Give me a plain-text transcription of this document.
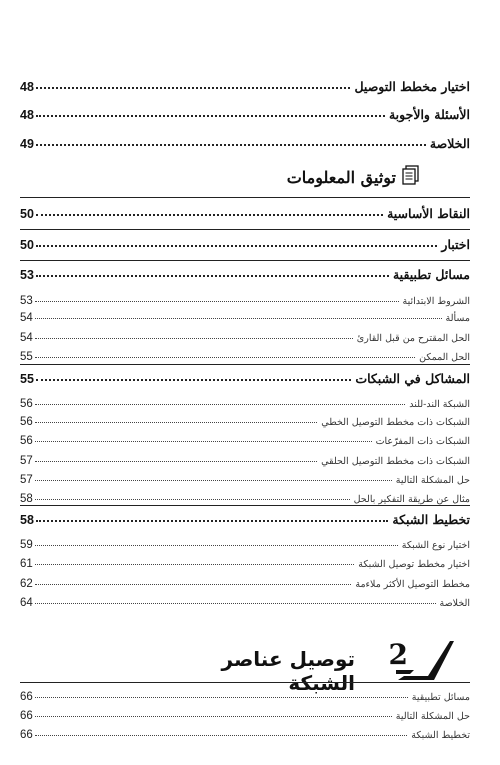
اختيار مخطط التوصيل
48
الأسئلة والأجوبة
48
الخلاصة
49
توثيق المعلومات
النقاط الأساسية
50
اختبار
50
مسائل تطبيقية
53
الشروط الابتدائية
53
مسألة
54
الحل المقترح من قبل القارئ
54
الحل الممكن
55
المشاكل في الشبكات
55
الشبكة الند-للند
56
الشبكات ذات مخطط التوصيل الخطي
56
الشبكات ذات المفرّعات
56
الشبكات ذات مخطط التوصيل الحلقي
57
حل المشكلة التالية
57
مثال عن طريقة التفكير بالحل
58
تخطيط الشبكة
58
اختيار نوع الشبكة
59
اختيار مخطط توصيل الشبكة
61
مخطط التوصيل الأكثر ملاءمة
62
الخلاصة
64
توصيل عناصر الشبكة
2
مسائل تطبيقية
66
حل المشكلة التالية
66
تخطيط الشبكة
66
